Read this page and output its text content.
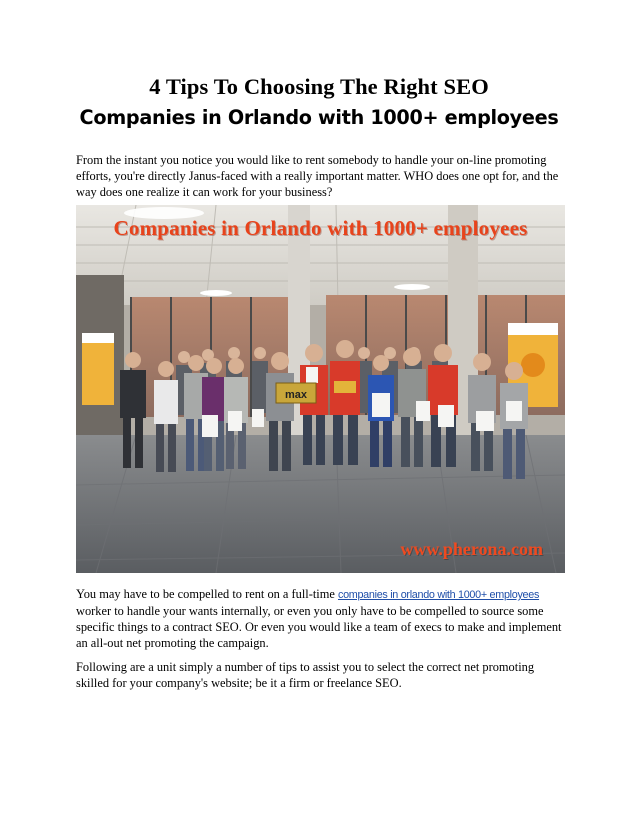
4 Tips To Choosing The Right SEO
Companies in Orlando with 1000+ employees

From the instant you notice you would like to rent somebody to handle your on-line promoting efforts, you're directly Janus-faced with a really important matter. WHO does one opt for, and the way does one realize it can work for your business?

max
Companies in Orlando with 1000+ employees
www.pherona.com

You may have to be compelled to rent on a full-time companies in orlando with 1000+ employees worker to handle your wants internally, or even you only have to be compelled to source some specific things to a contract SEO. Or even you would like a team of execs to make and implement an all-out net promoting the campaign.

Following are a unit simply a number of tips to assist you to select the correct net promoting skilled for your company's website; be it a firm or freelance SEO.
